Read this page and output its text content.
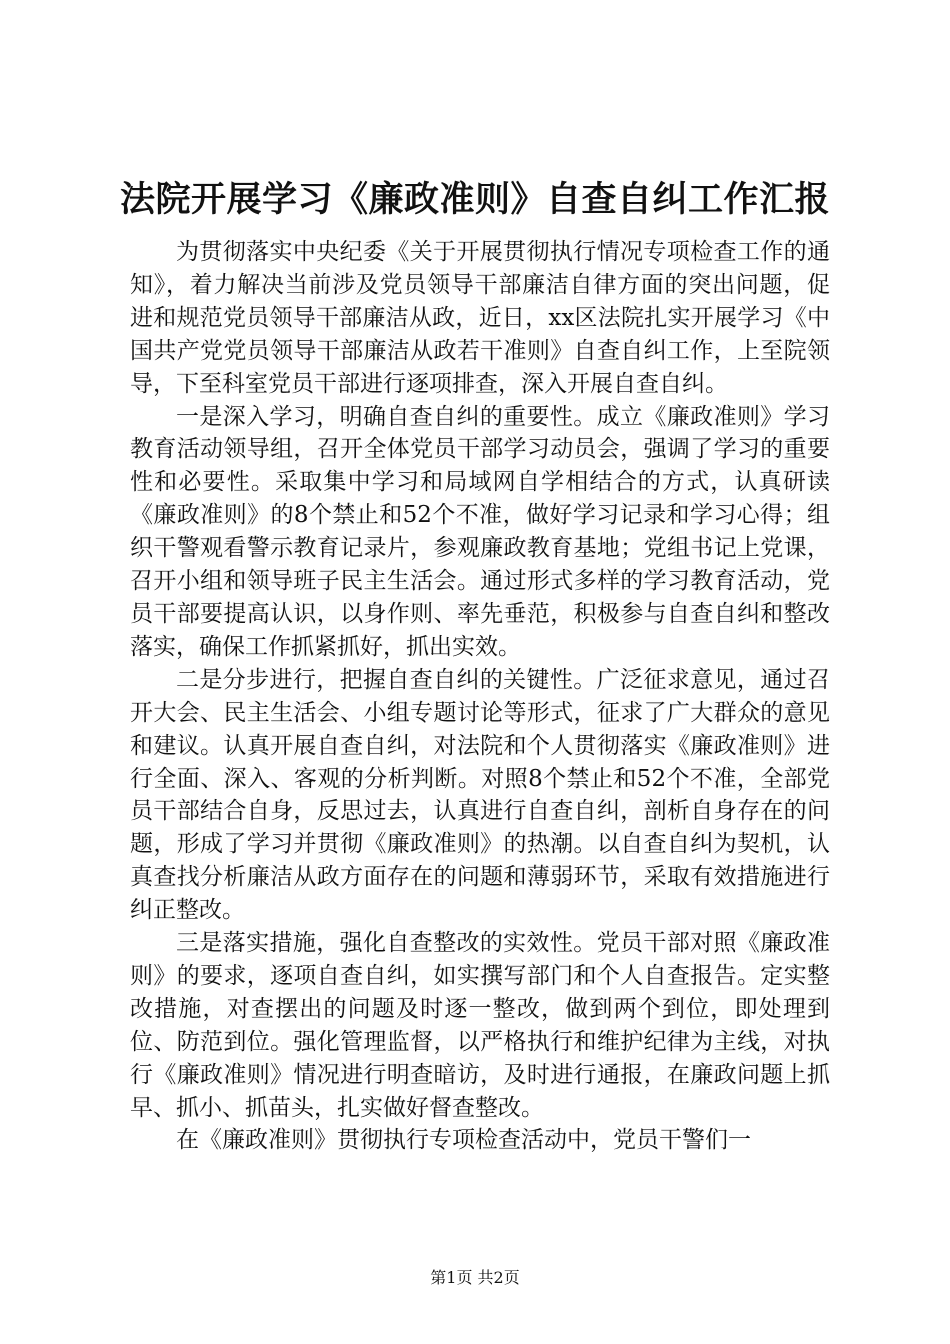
法院开展学习《廉政准则》自查自纠工作汇报

为贯彻落实中央纪委《关于开展贯彻执行情况专项检查工作的通知》，着力解决当前涉及党员领导干部廉洁自律方面的突出问题，促进和规范党员领导干部廉洁从政，近日，xx区法院扎实开展学习《中国共产党党员领导干部廉洁从政若干准则》自查自纠工作，上至院领导，下至科室党员干部进行逐项排查，深入开展自查自纠。

一是深入学习，明确自查自纠的重要性。成立《廉政准则》学习教育活动领导组，召开全体党员干部学习动员会，强调了学习的重要性和必要性。采取集中学习和局域网自学相结合的方式，认真研读《廉政准则》的8个禁止和52个不准，做好学习记录和学习心得；组织干警观看警示教育记录片，参观廉政教育基地；党组书记上党课，召开小组和领导班子民主生活会。通过形式多样的学习教育活动，党员干部要提高认识，以身作则、率先垂范，积极参与自查自纠和整改落实，确保工作抓紧抓好，抓出实效。

二是分步进行，把握自查自纠的关键性。广泛征求意见，通过召开大会、民主生活会、小组专题讨论等形式，征求了广大群众的意见和建议。认真开展自查自纠，对法院和个人贯彻落实《廉政准则》进行全面、深入、客观的分析判断。对照8个禁止和52个不准，全部党员干部结合自身，反思过去，认真进行自查自纠，剖析自身存在的问题，形成了学习并贯彻《廉政准则》的热潮。以自查自纠为契机，认真查找分析廉洁从政方面存在的问题和薄弱环节，采取有效措施进行纠正整改。

三是落实措施，强化自查整改的实效性。党员干部对照《廉政准则》的要求，逐项自查自纠，如实撰写部门和个人自查报告。定实整改措施，对查摆出的问题及时逐一整改，做到两个到位，即处理到位、防范到位。强化管理监督，以严格执行和维护纪律为主线，对执行《廉政准则》情况进行明查暗访，及时进行通报，在廉政问题上抓早、抓小、抓苗头，扎实做好督查整改。

在《廉政准则》贯彻执行专项检查活动中，党员干警们一

第1页 共2页
